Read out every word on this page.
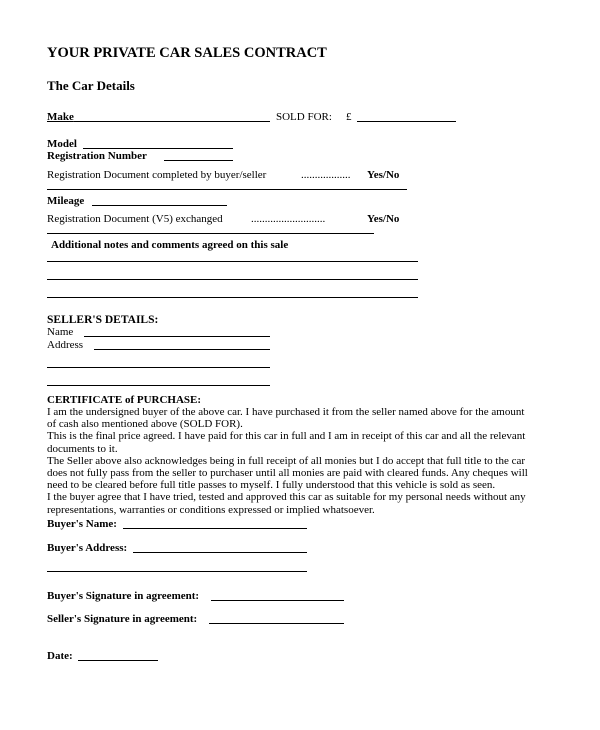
YOUR PRIVATE CAR SALES CONTRACT
The Car Details
Make	SOLD FOR: £
Model
Registration Number
Registration Document completed by buyer/seller	.................. Yes/No
Mileage
Registration Document (V5) exchanged	...........................	Yes/No
Additional notes and comments agreed on this sale
SELLER'S DETAILS:
Name
Address
CERTIFICATE of PURCHASE:
I am the undersigned buyer of the above car. I have purchased it from the seller named above for the amount
of cash also mentioned above (SOLD FOR).
This is the final price agreed. I have paid for this car in full and I am in receipt of this car and all the relevant
documents to it.
The Seller above also acknowledges being in full receipt of all monies but I do accept that full title to the car
does not fully pass from the seller to purchaser until all monies are paid with cleared funds. Any cheques will
need to be cleared before full title passes to myself. I fully understood that this vehicle is sold as seen.
I the buyer agree that I have tried, tested and approved this car as suitable for my personal needs without any
representations, warranties or conditions expressed or implied whatsoever.
Buyer's Name:
Buyer's Address:
Buyer's Signature in agreement:
Seller's Signature in agreement:
Date:
